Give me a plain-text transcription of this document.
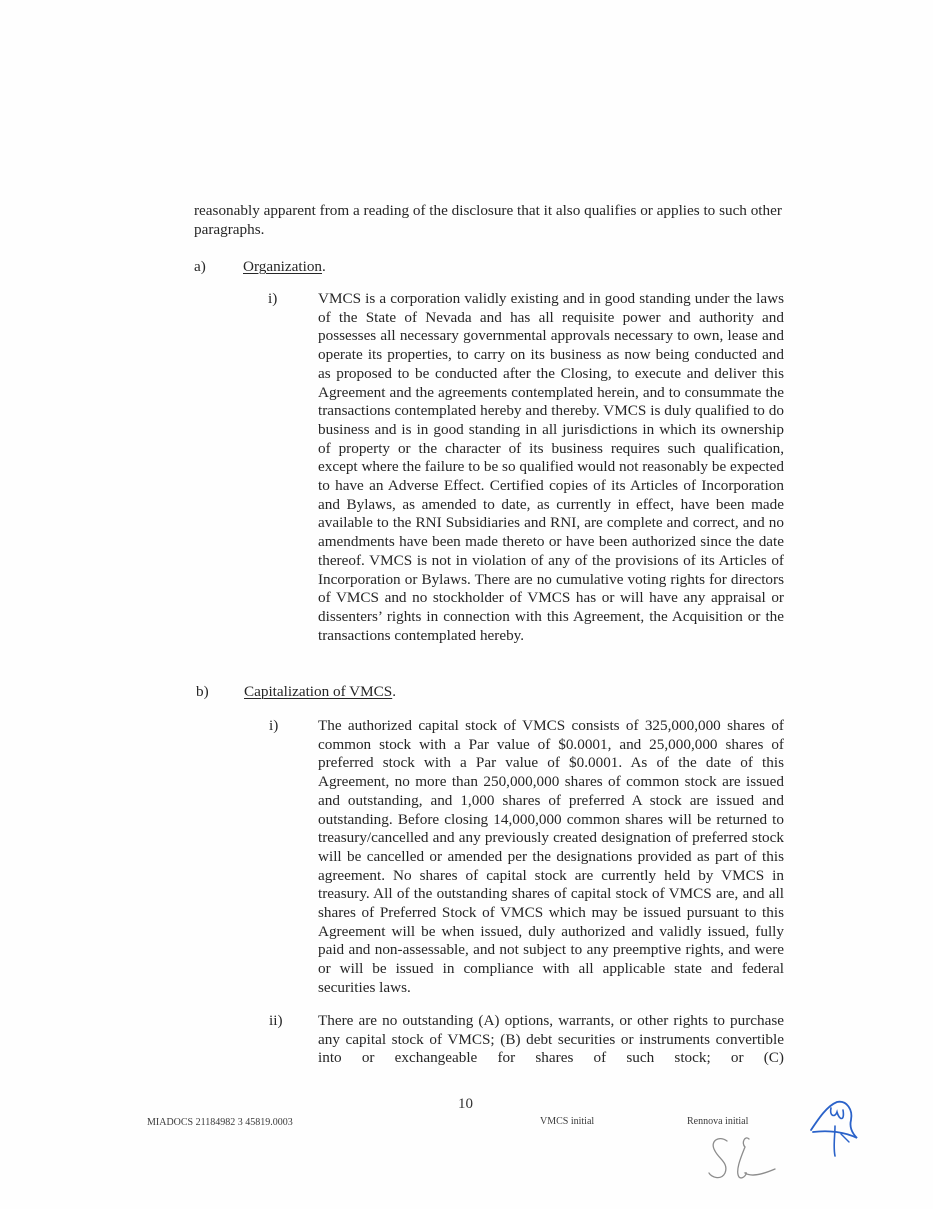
reasonably apparent from a reading of the disclosure that it also qualifies or applies to such other paragraphs.
a) Organization.
i)	VMCS is a corporation validly existing and in good standing under the laws of the State of Nevada and has all requisite power and authority and possesses all necessary governmental approvals necessary to own, lease and operate its properties, to carry on its business as now being conducted and as proposed to be conducted after the Closing, to execute and deliver this Agreement and the agreements contemplated herein, and to consummate the transactions contemplated hereby and thereby. VMCS is duly qualified to do business and is in good standing in all jurisdictions in which its ownership of property or the character of its business requires such qualification, except where the failure to be so qualified would not reasonably be expected to have an Adverse Effect. Certified copies of its Articles of Incorporation and Bylaws, as amended to date, as currently in effect, have been made available to the RNI Subsidiaries and RNI, are complete and correct, and no amendments have been made thereto or have been authorized since the date thereof. VMCS is not in violation of any of the provisions of its Articles of Incorporation or Bylaws. There are no cumulative voting rights for directors of VMCS and no stockholder of VMCS has or will have any appraisal or dissenters’ rights in connection with this Agreement, the Acquisition or the transactions contemplated hereby.
b) Capitalization of VMCS.
i)	The authorized capital stock of VMCS consists of 325,000,000 shares of common stock with a Par value of $0.0001, and 25,000,000 shares of preferred stock with a Par value of $0.0001. As of the date of this Agreement, no more than 250,000,000 shares of common stock are issued and outstanding, and 1,000 shares of preferred A stock are issued and outstanding. Before closing 14,000,000 common shares will be returned to treasury/cancelled and any previously created designation of preferred stock will be cancelled or amended per the designations provided as part of this agreement. No shares of capital stock are currently held by VMCS in treasury. All of the outstanding shares of capital stock of VMCS are, and all shares of Preferred Stock of VMCS which may be issued pursuant to this Agreement will be when issued, duly authorized and validly issued, fully paid and non-assessable, and not subject to any preemptive rights, and were or will be issued in compliance with all applicable state and federal securities laws.
ii) There are no outstanding (A) options, warrants, or other rights to purchase any capital stock of VMCS; (B) debt securities or instruments convertible into or exchangeable for shares of such stock; or (C)
10
MIADOCS 21184982 3 45819.0003	VMCS initial	Rennova initial
